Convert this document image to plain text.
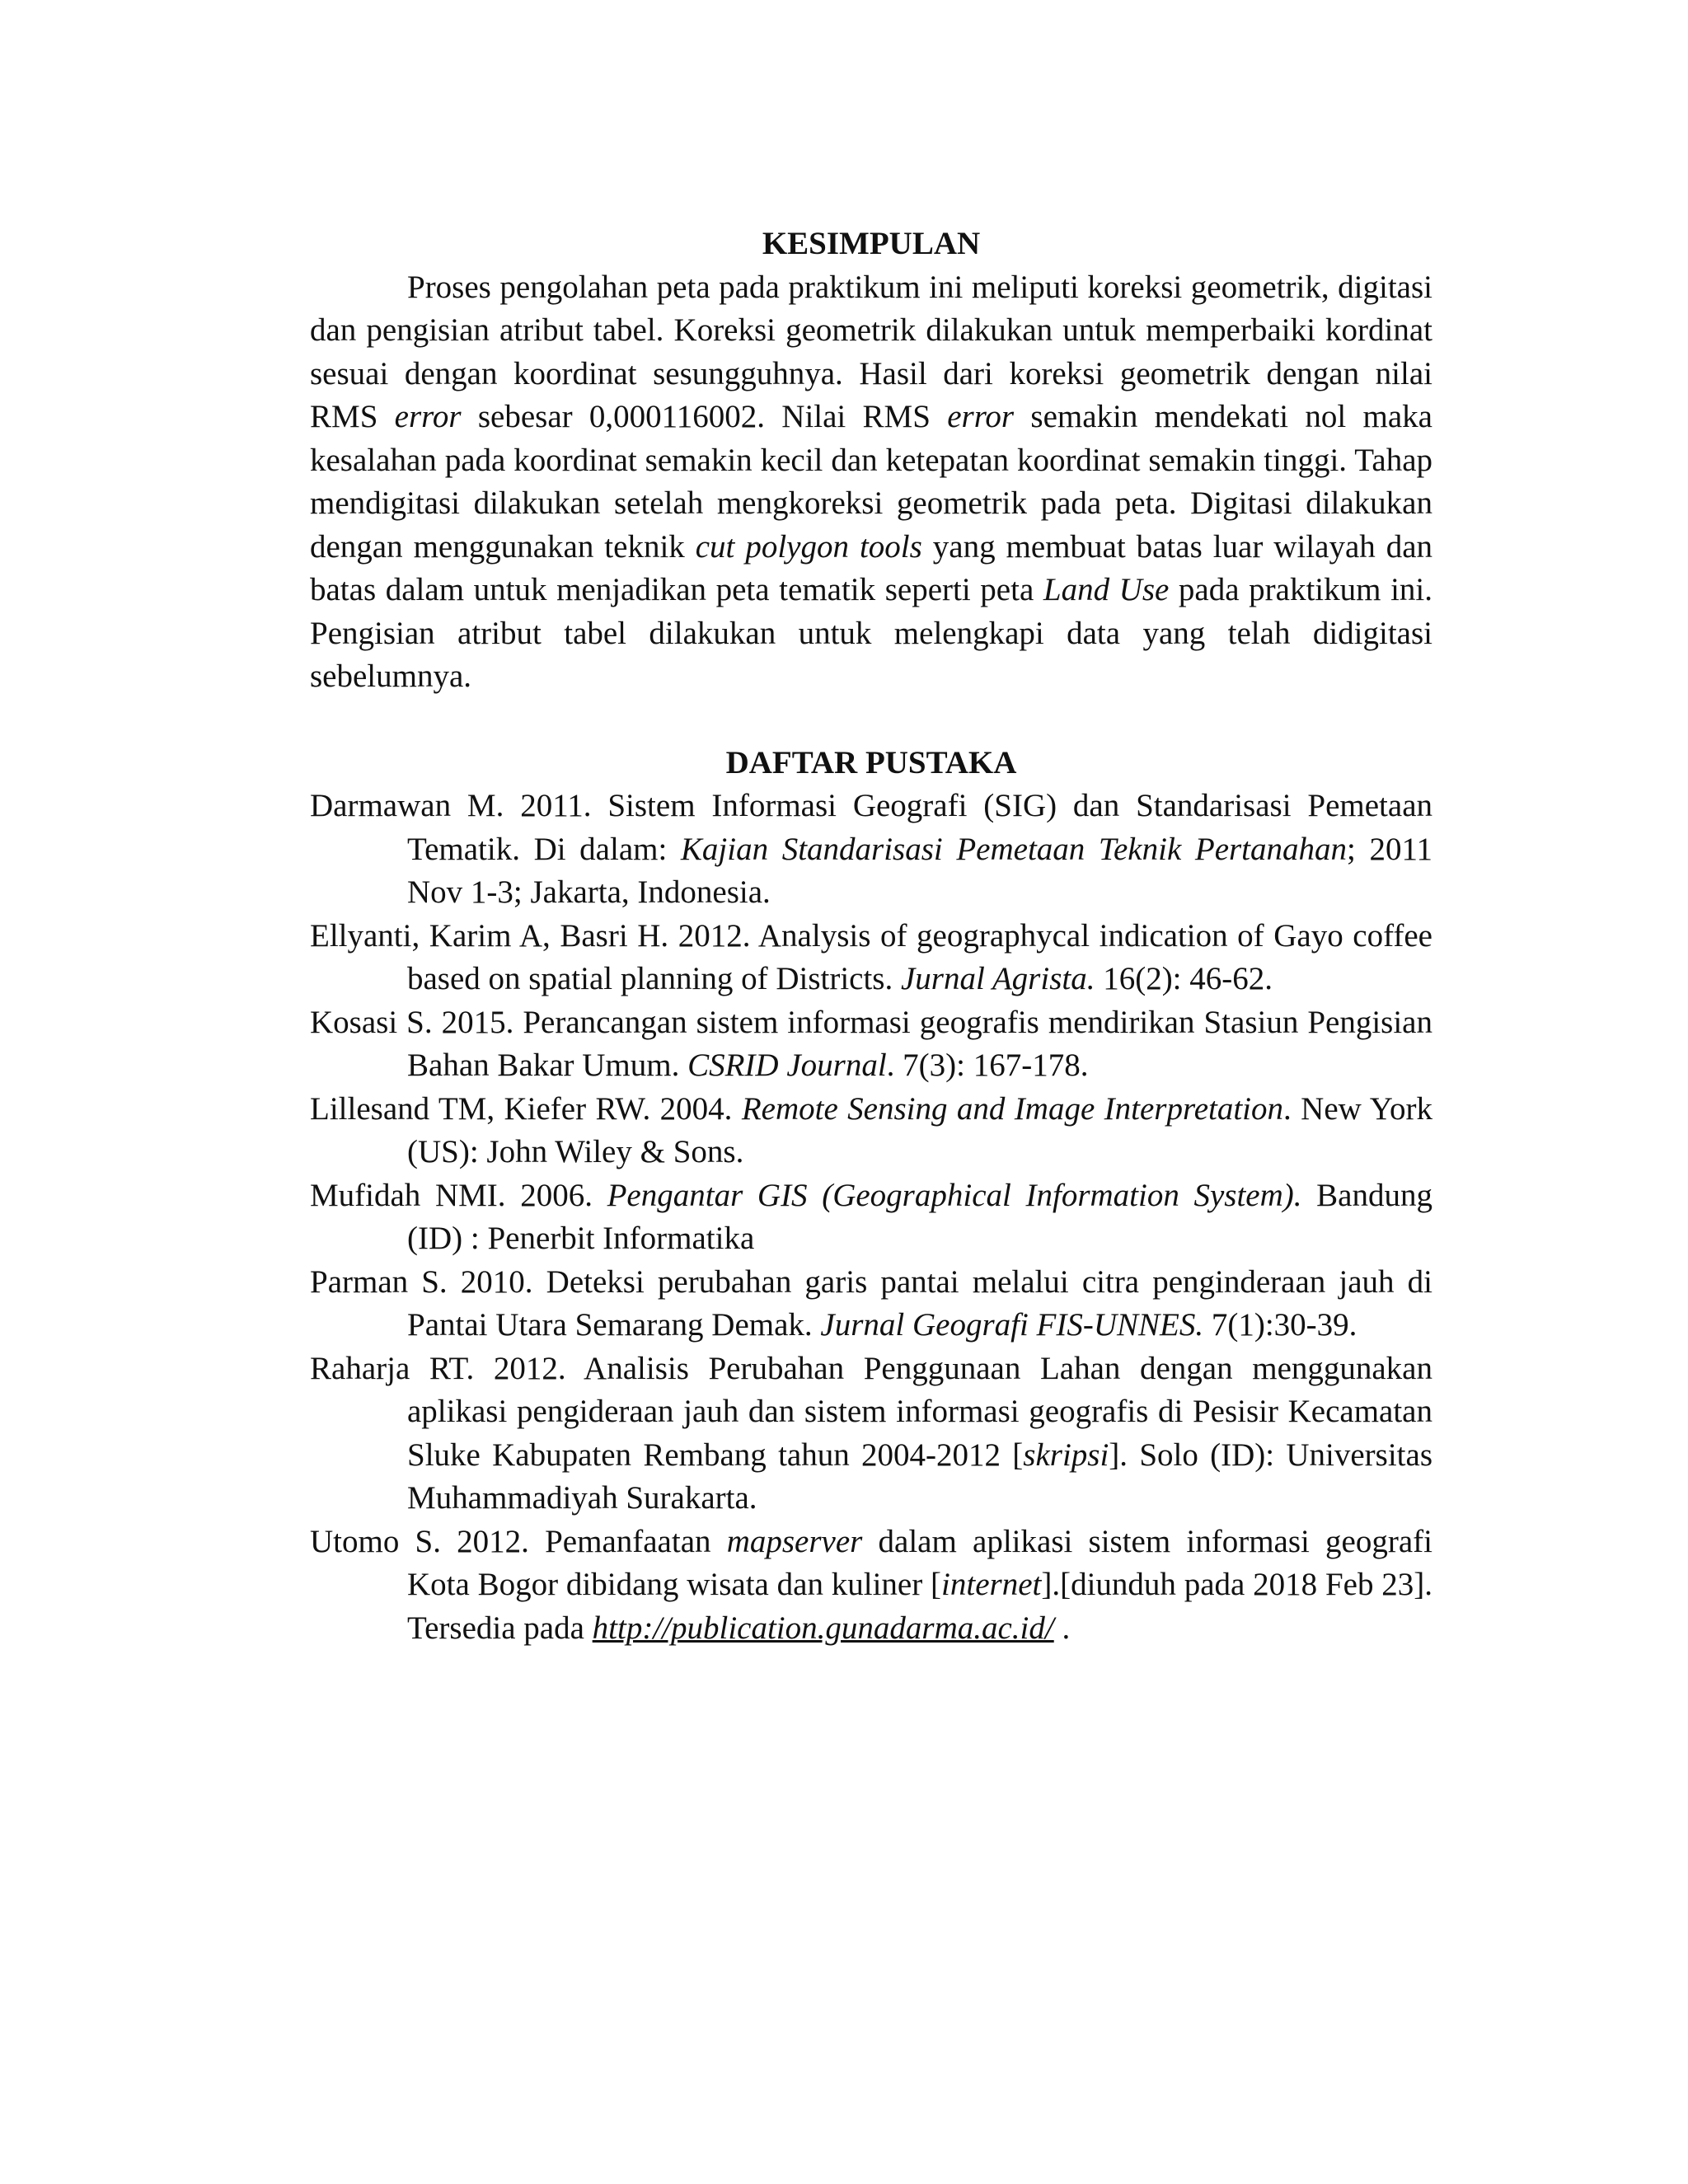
KESIMPULAN

Proses pengolahan peta pada praktikum ini meliputi koreksi geometrik, digitasi dan pengisian atribut tabel. Koreksi geometrik dilakukan untuk memperbaiki kordinat sesuai dengan koordinat sesungguhnya. Hasil dari koreksi geometrik dengan nilai RMS error sebesar 0,000116002. Nilai RMS error semakin mendekati nol maka kesalahan pada koordinat semakin kecil dan ketepatan koordinat semakin tinggi. Tahap mendigitasi dilakukan setelah mengkoreksi geometrik pada peta. Digitasi dilakukan dengan menggunakan teknik cut polygon tools yang membuat batas luar wilayah dan batas dalam untuk menjadikan peta tematik seperti peta Land Use pada praktikum ini. Pengisian atribut tabel dilakukan untuk melengkapi data yang telah didigitasi sebelumnya.

DAFTAR PUSTAKA

Darmawan M. 2011. Sistem Informasi Geografi (SIG) dan Standarisasi Pemetaan Tematik. Di dalam: Kajian Standarisasi Pemetaan Teknik Pertanahan; 2011 Nov 1-3; Jakarta, Indonesia.

Ellyanti, Karim A, Basri H. 2012. Analysis of geographycal indication of Gayo coffee based on spatial planning of Districts. Jurnal Agrista. 16(2): 46-62.

Kosasi S. 2015. Perancangan sistem informasi geografis mendirikan Stasiun Pengisian Bahan Bakar Umum. CSRID Journal. 7(3): 167-178.

Lillesand TM, Kiefer RW. 2004. Remote Sensing and Image Interpretation. New York (US): John Wiley & Sons.

Mufidah NMI. 2006. Pengantar GIS (Geographical Information System). Bandung (ID) : Penerbit Informatika

Parman S. 2010. Deteksi perubahan garis pantai melalui citra penginderaan jauh di Pantai Utara Semarang Demak. Jurnal Geografi FIS-UNNES. 7(1):30-39.

Raharja RT. 2012. Analisis Perubahan Penggunaan Lahan dengan menggunakan aplikasi pengideraan jauh dan sistem informasi geografis di Pesisir Kecamatan Sluke Kabupaten Rembang tahun 2004-2012 [skripsi]. Solo (ID): Universitas Muhammadiyah Surakarta.

Utomo S. 2012. Pemanfaatan mapserver dalam aplikasi sistem informasi geografi Kota Bogor dibidang wisata dan kuliner [internet].[diunduh pada 2018 Feb 23]. Tersedia pada http://publication.gunadarma.ac.id/ .
